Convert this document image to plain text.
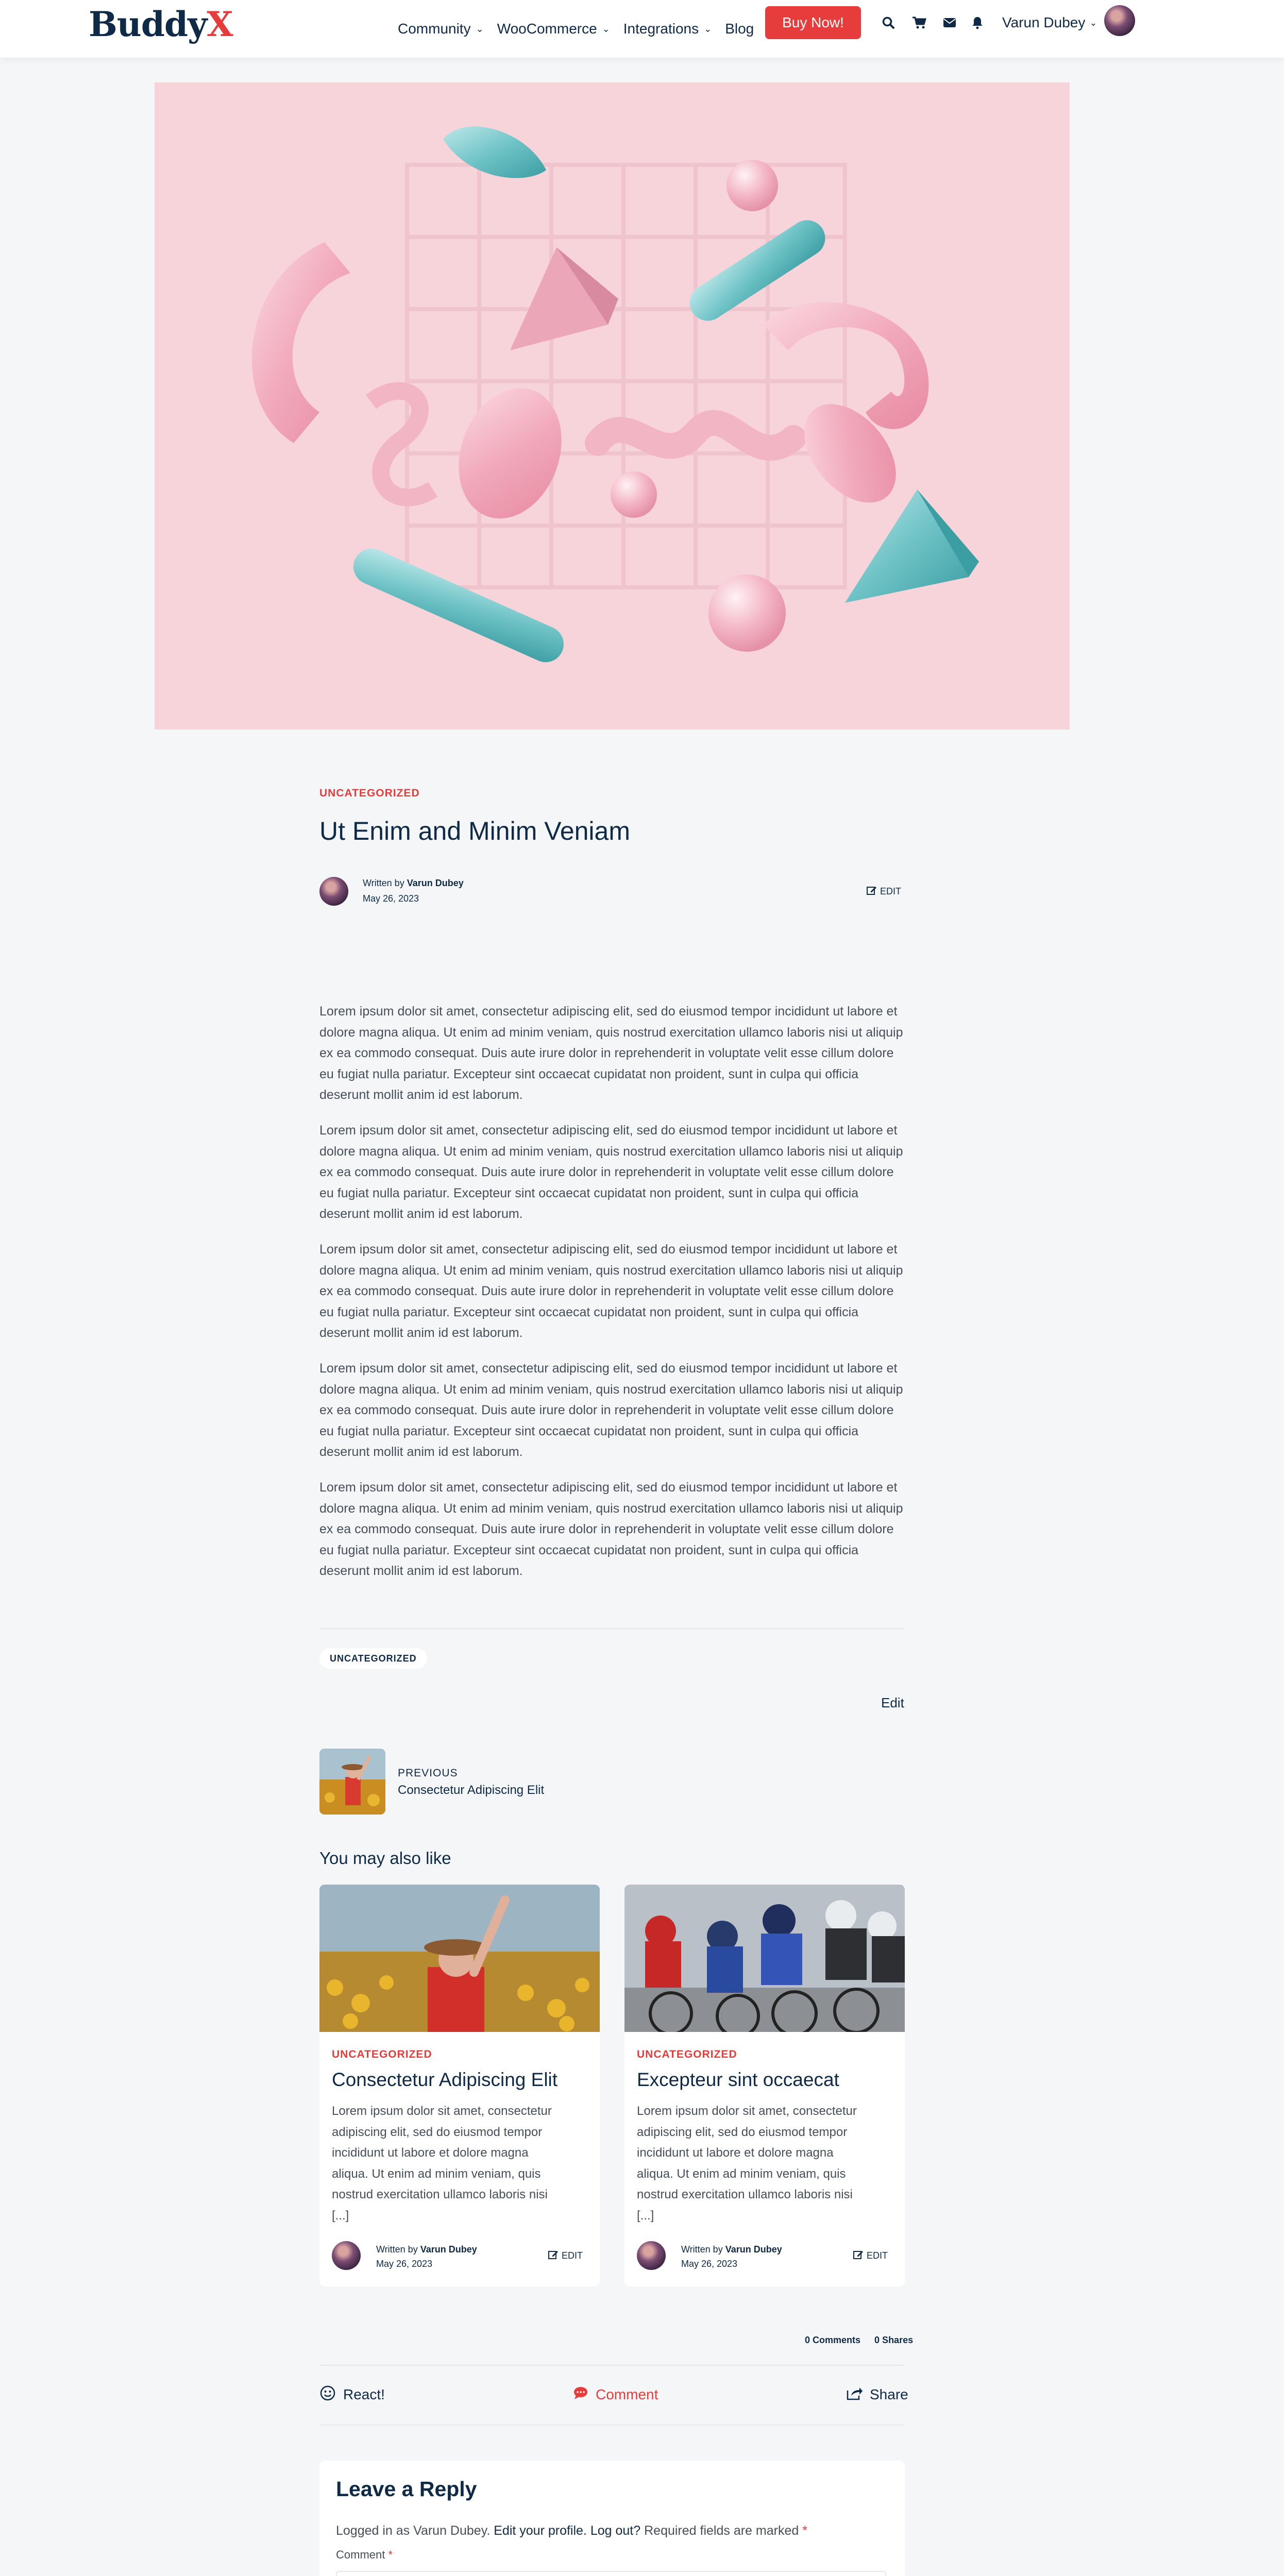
BuddyX	Community ⌄ WooCommerce ⌄ Integrations ⌄ Blog	Buy Now!	Varun Dubey ⌄
UNCATEGORIZED
Ut Enim and Minim Veniam
Written by Varun Dubey
May 26, 2023
EDIT

Lorem ipsum dolor sit amet, consectetur adipiscing elit, sed do eiusmod tempor incididunt ut labore et dolore magna aliqua. Ut enim ad minim veniam, quis nostrud exercitation ullamco laboris nisi ut aliquip ex ea commodo consequat. Duis aute irure dolor in reprehenderit in voluptate velit esse cillum dolore eu fugiat nulla pariatur. Excepteur sint occaecat cupidatat non proident, sunt in culpa qui officia deserunt mollit anim id est laborum.

Lorem ipsum dolor sit amet, consectetur adipiscing elit, sed do eiusmod tempor incididunt ut labore et dolore magna aliqua. Ut enim ad minim veniam, quis nostrud exercitation ullamco laboris nisi ut aliquip ex ea commodo consequat. Duis aute irure dolor in reprehenderit in voluptate velit esse cillum dolore eu fugiat nulla pariatur. Excepteur sint occaecat cupidatat non proident, sunt in culpa qui officia deserunt mollit anim id est laborum.

Lorem ipsum dolor sit amet, consectetur adipiscing elit, sed do eiusmod tempor incididunt ut labore et dolore magna aliqua. Ut enim ad minim veniam, quis nostrud exercitation ullamco laboris nisi ut aliquip ex ea commodo consequat. Duis aute irure dolor in reprehenderit in voluptate velit esse cillum dolore eu fugiat nulla pariatur. Excepteur sint occaecat cupidatat non proident, sunt in culpa qui officia deserunt mollit anim id est laborum.

Lorem ipsum dolor sit amet, consectetur adipiscing elit, sed do eiusmod tempor incididunt ut labore et dolore magna aliqua. Ut enim ad minim veniam, quis nostrud exercitation ullamco laboris nisi ut aliquip ex ea commodo consequat. Duis aute irure dolor in reprehenderit in voluptate velit esse cillum dolore eu fugiat nulla pariatur. Excepteur sint occaecat cupidatat non proident, sunt in culpa qui officia deserunt mollit anim id est laborum.

Lorem ipsum dolor sit amet, consectetur adipiscing elit, sed do eiusmod tempor incididunt ut labore et dolore magna aliqua. Ut enim ad minim veniam, quis nostrud exercitation ullamco laboris nisi ut aliquip ex ea commodo consequat. Duis aute irure dolor in reprehenderit in voluptate velit esse cillum dolore eu fugiat nulla pariatur. Excepteur sint occaecat cupidatat non proident, sunt in culpa qui officia deserunt mollit anim id est laborum.

UNCATEGORIZED
Edit
PREVIOUS
Consectetur Adipiscing Elit
You may also like
UNCATEGORIZED
Consectetur Adipiscing Elit
Lorem ipsum dolor sit amet, consectetur
adipiscing elit, sed do eiusmod tempor
incididunt ut labore et dolore magna
aliqua. Ut enim ad minim veniam, quis
nostrud exercitation ullamco laboris nisi
[...]
Written by Varun Dubey
May 26, 2023
EDIT
UNCATEGORIZED
Excepteur sint occaecat
Lorem ipsum dolor sit amet, consectetur
adipiscing elit, sed do eiusmod tempor
incididunt ut labore et dolore magna
aliqua. Ut enim ad minim veniam, quis
nostrud exercitation ullamco laboris nisi
[...]
Written by Varun Dubey
May 26, 2023
EDIT
0 Comments 0 Shares
React!	Comment	Share
Leave a Reply
Logged in as Varun Dubey. Edit your profile. Log out? Required fields are marked *
Comment *
